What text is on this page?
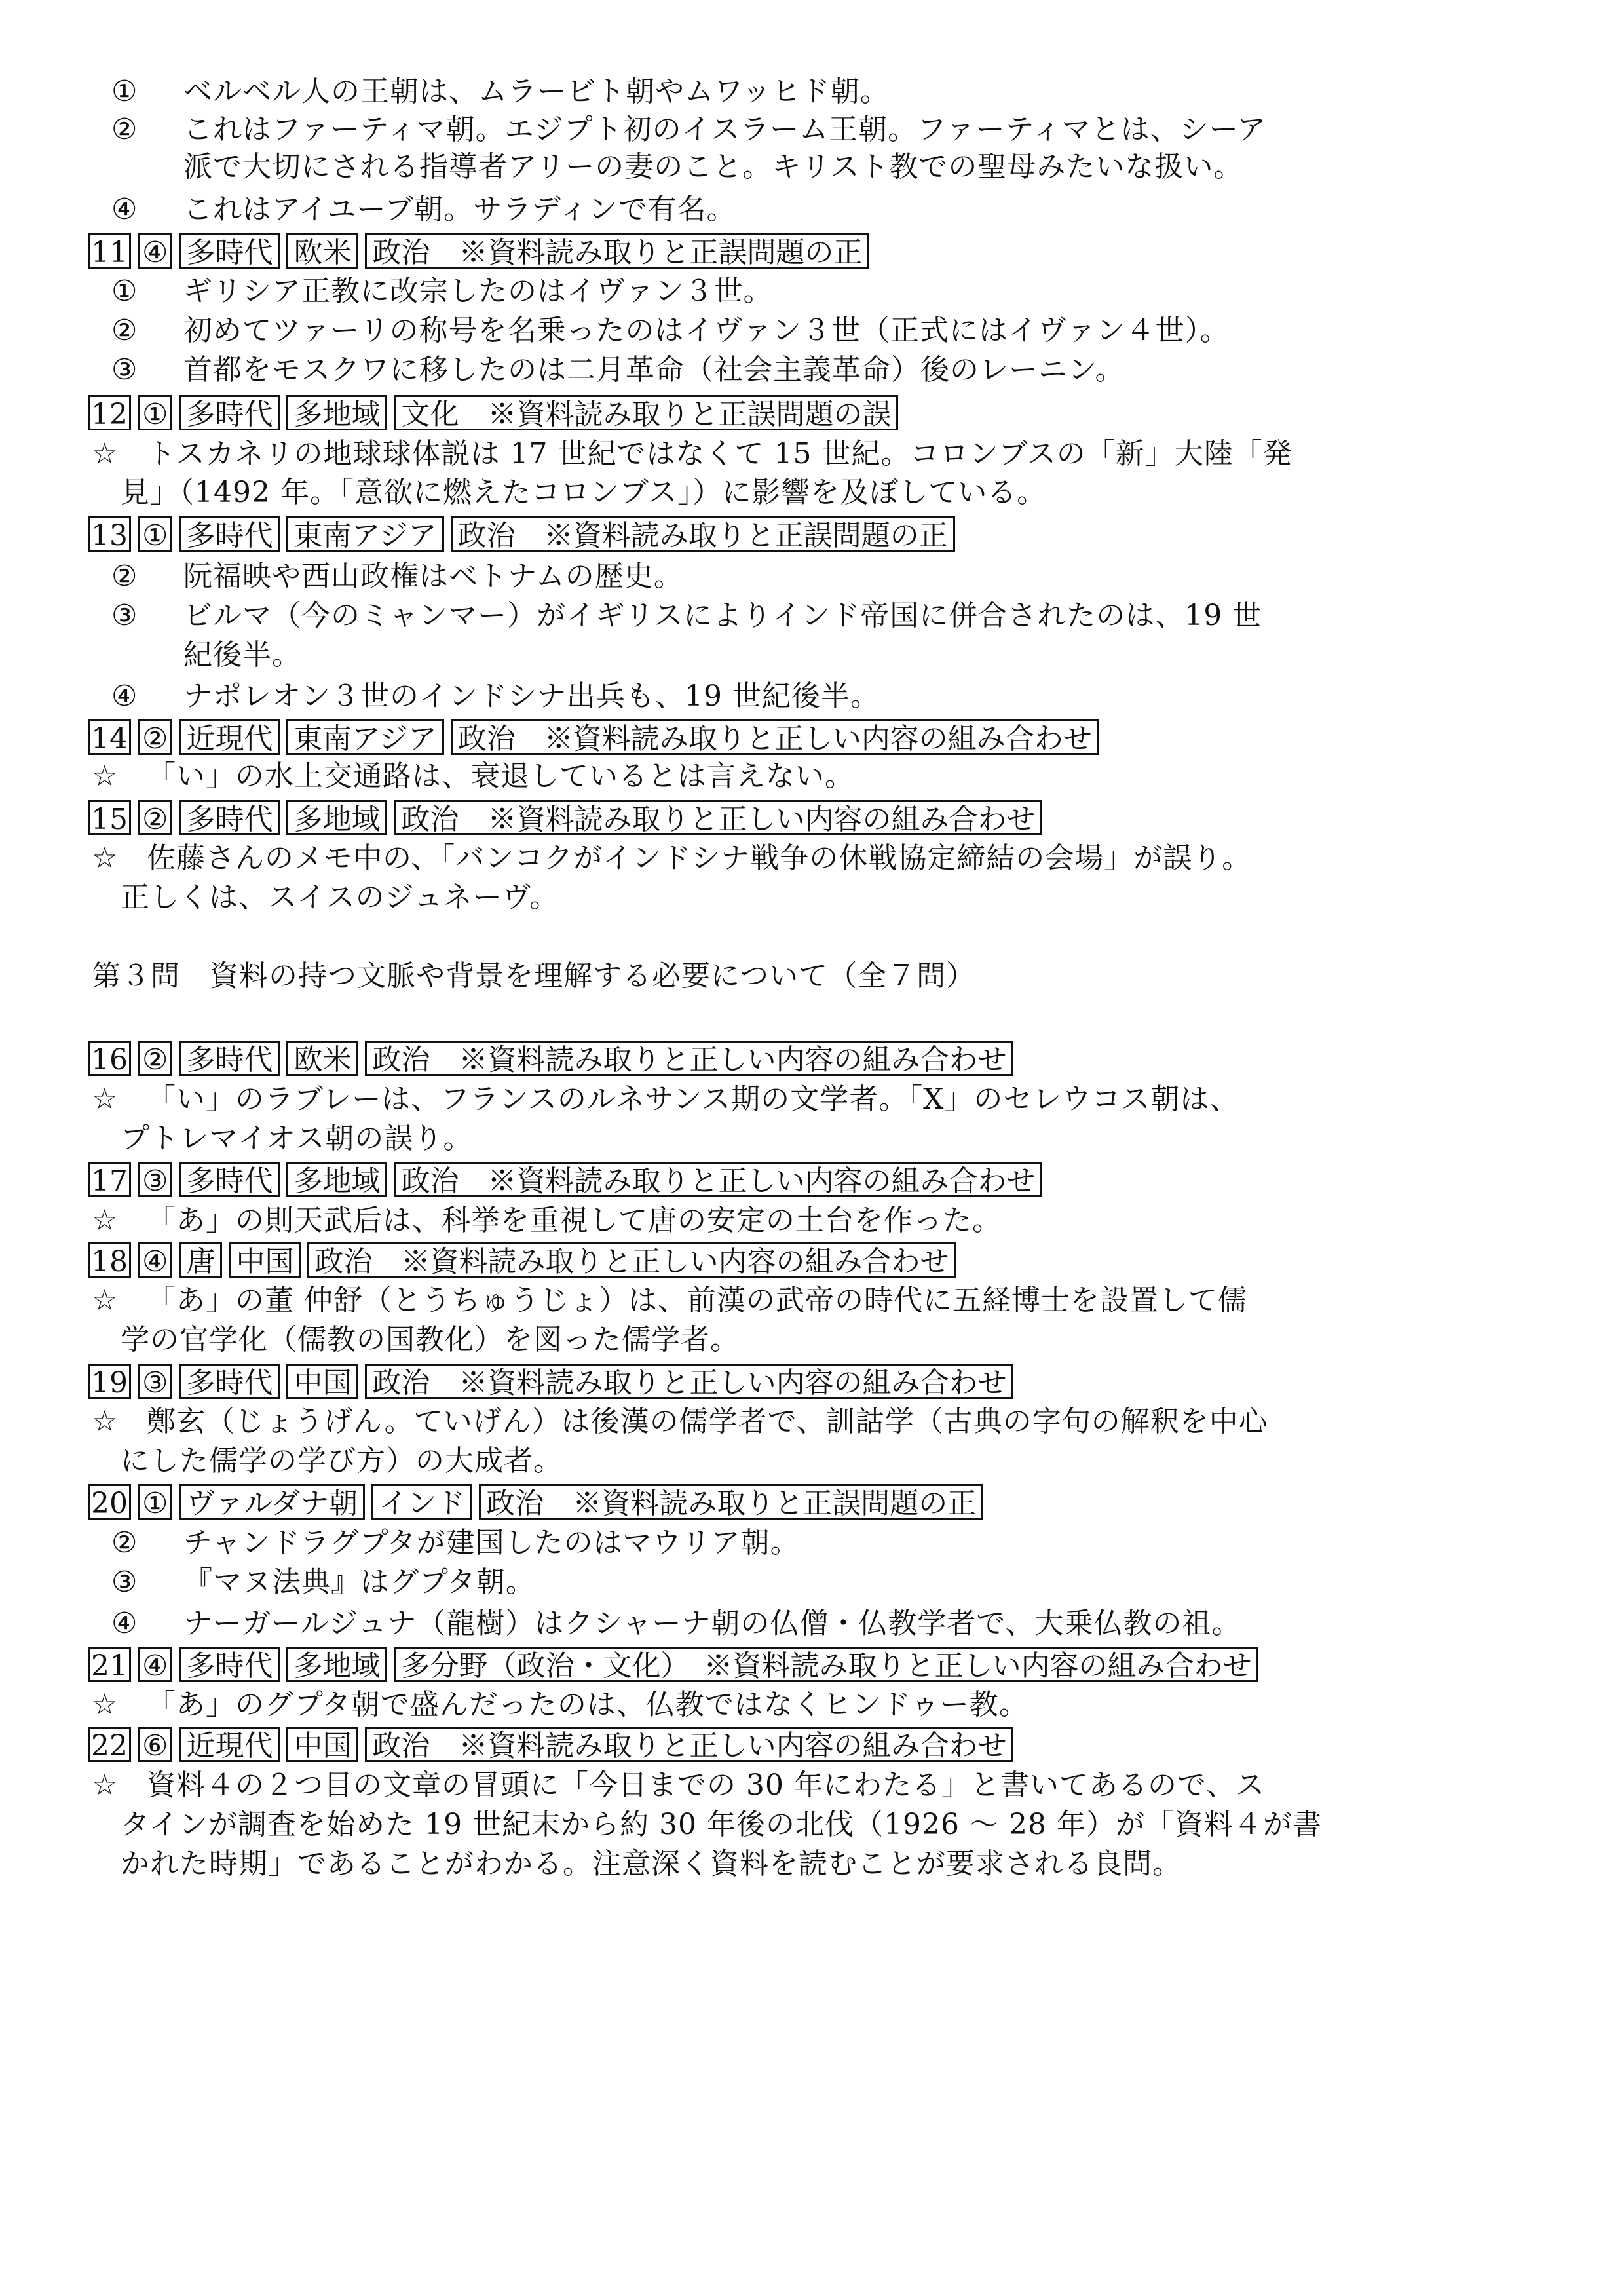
① ベルベル人の王朝は、ムラービト朝やムワッヒド朝。
② これはファーティマ朝。エジプト初のイスラーム王朝。ファーティマとは、シーア
派で大切にされる指導者アリーの妻のこと。キリスト教での聖母みたいな扱い。
④ これはアイユーブ朝。サラディンで有名。
11 ④ 多時代 欧米 政治　※資料読み取りと正誤問題の正
① ギリシア正教に改宗したのはイヴァン３世。
② 初めてツァーリの称号を名乗ったのはイヴァン３世（正式にはイヴァン４世）。
③ 首都をモスクワに移したのは二月革命（社会主義革命）後のレーニン。
12 ① 多時代 多地域 文化　※資料読み取りと正誤問題の誤
☆ トスカネリの地球球体説は 17 世紀ではなくて 15 世紀。コロンブスの「新」大陸「発
見」（1492 年。「意欲に燃えたコロンブス」）に影響を及ぼしている。
13 ① 多時代 東南アジア 政治　※資料読み取りと正誤問題の正
② 阮福映や西山政権はベトナムの歴史。
③ ビルマ（今のミャンマー）がイギリスによりインド帝国に併合されたのは、19 世
紀後半。
④ ナポレオン３世のインドシナ出兵も、19 世紀後半。
14 ② 近現代 東南アジア 政治　※資料読み取りと正しい内容の組み合わせ
☆ 「い」の水上交通路は、衰退しているとは言えない。
15 ② 多時代 多地域 政治　※資料読み取りと正しい内容の組み合わせ
☆ 佐藤さんのメモ中の、「バンコクがインドシナ戦争の休戦協定締結の会場」が誤り。
正しくは、スイスのジュネーヴ。
第３問　資料の持つ文脈や背景を理解する必要について（全７問）
16 ② 多時代 欧米 政治　※資料読み取りと正しい内容の組み合わせ
☆ 「い」のラブレーは、フランスのルネサンス期の文学者。「X」のセレウコス朝は、
プトレマイオス朝の誤り。
17 ③ 多時代 多地域 政治　※資料読み取りと正しい内容の組み合わせ
☆ 「あ」の則天武后は、科挙を重視して唐の安定の土台を作った。
18 ④ 唐 中国 政治　※資料読み取りと正しい内容の組み合わせ
☆ 「あ」の董 仲舒（とうちゅうじょ）は、前漢の武帝の時代に五経博士を設置して儒
学の官学化（儒教の国教化）を図った儒学者。
19 ③ 多時代 中国 政治　※資料読み取りと正しい内容の組み合わせ
☆ 鄭玄（じょうげん。ていげん）は後漢の儒学者で、訓詁学（古典の字句の解釈を中心
にした儒学の学び方）の大成者。
20 ① ヴァルダナ朝 インド 政治　※資料読み取りと正誤問題の正
② チャンドラグプタが建国したのはマウリア朝。
③ 『マヌ法典』はグプタ朝。
④ ナーガールジュナ（龍樹）はクシャーナ朝の仏僧・仏教学者で、大乗仏教の祖。
21 ④ 多時代 多地域 多分野（政治・文化）　※資料読み取りと正しい内容の組み合わせ
☆ 「あ」のグプタ朝で盛んだったのは、仏教ではなくヒンドゥー教。
22 ⑥ 近現代 中国 政治　※資料読み取りと正しい内容の組み合わせ
☆ 資料４の２つ目の文章の冒頭に「今日までの 30 年にわたる」と書いてあるので、ス
タインが調査を始めた 19 世紀末から約 30 年後の北伐（1926 ～ 28 年）が「資料４が書
かれた時期」であることがわかる。注意深く資料を読むことが要求される良問。
